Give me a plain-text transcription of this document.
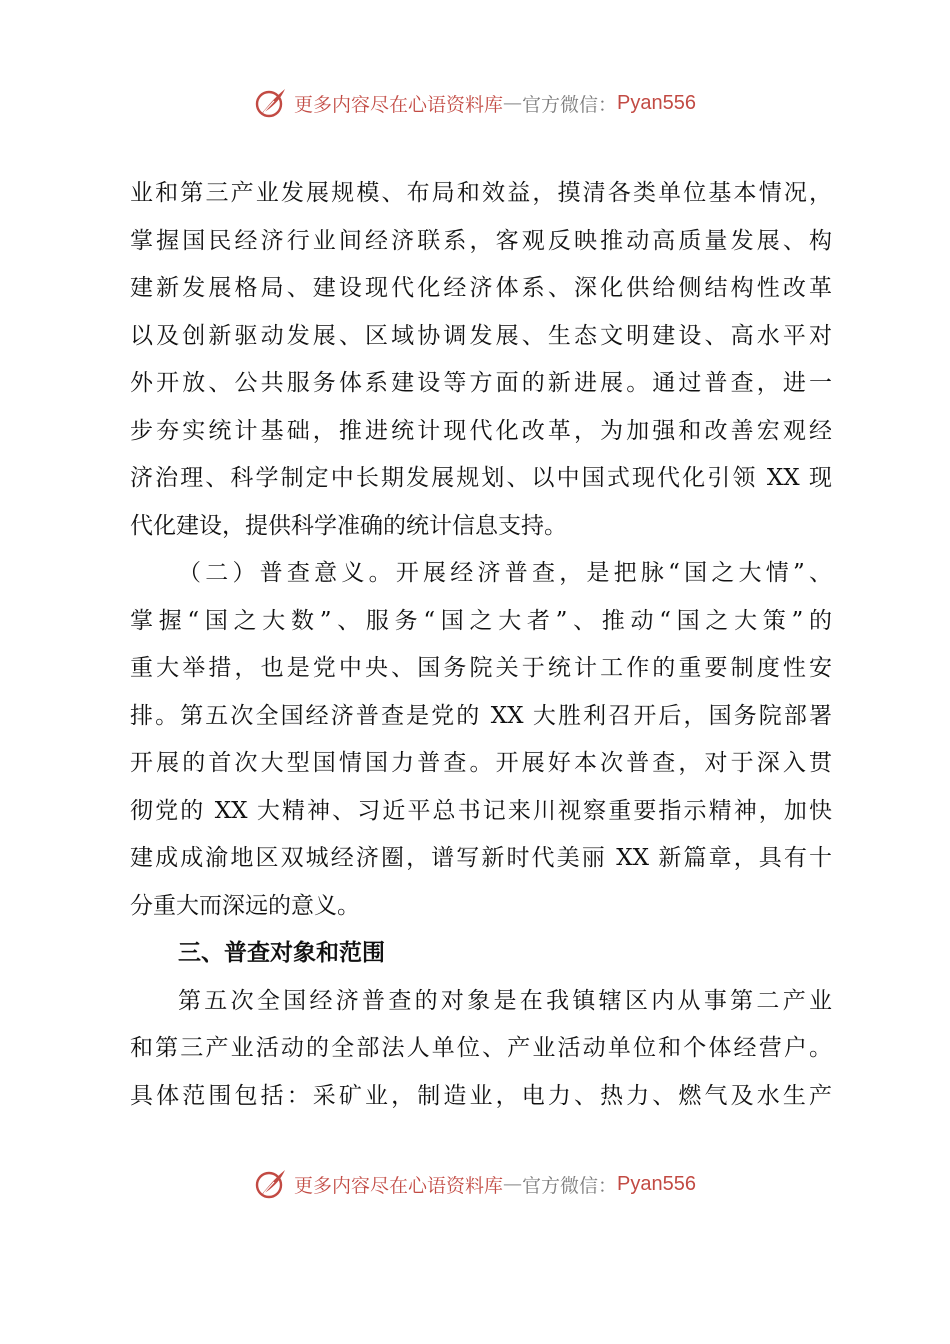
更多内容尽在心语资料库 — 官方微信： Pyan556
业和第三产业发展规模、布局和效益，摸清各类单位基本情况，
掌握国民经济行业间经济联系，客观反映推动高质量发展、构
建新发展格局、建设现代化经济体系、深化供给侧结构性改革
以及创新驱动发展、区域协调发展、生态文明建设、高水平对
外开放、公共服务体系建设等方面的新进展。通过普查，进一
步夯实统计基础，推进统计现代化改革，为加强和改善宏观经
济治理、科学制定中长期发展规划、以中国式现代化引领 XX 现
代化建设，提供科学准确的统计信息支持。
（二）普查意义。开展经济普查，是把脉“国之大情”、
掌握“国之大数”、服务“国之大者”、推动“国之大策”的
重大举措，也是党中央、国务院关于统计工作的重要制度性安
排。第五次全国经济普查是党的 XX 大胜利召开后，国务院部署
开展的首次大型国情国力普查。开展好本次普查，对于深入贯
彻党的 XX 大精神、习近平总书记来川视察重要指示精神，加快
建成成渝地区双城经济圈，谱写新时代美丽 XX 新篇章，具有十
分重大而深远的意义。
三、普查对象和范围
第五次全国经济普查的对象是在我镇辖区内从事第二产业
和第三产业活动的全部法人单位、产业活动单位和个体经营户。
具体范围包括：采矿业，制造业，电力、热力、燃气及水生产
更多内容尽在心语资料库 — 官方微信： Pyan556
